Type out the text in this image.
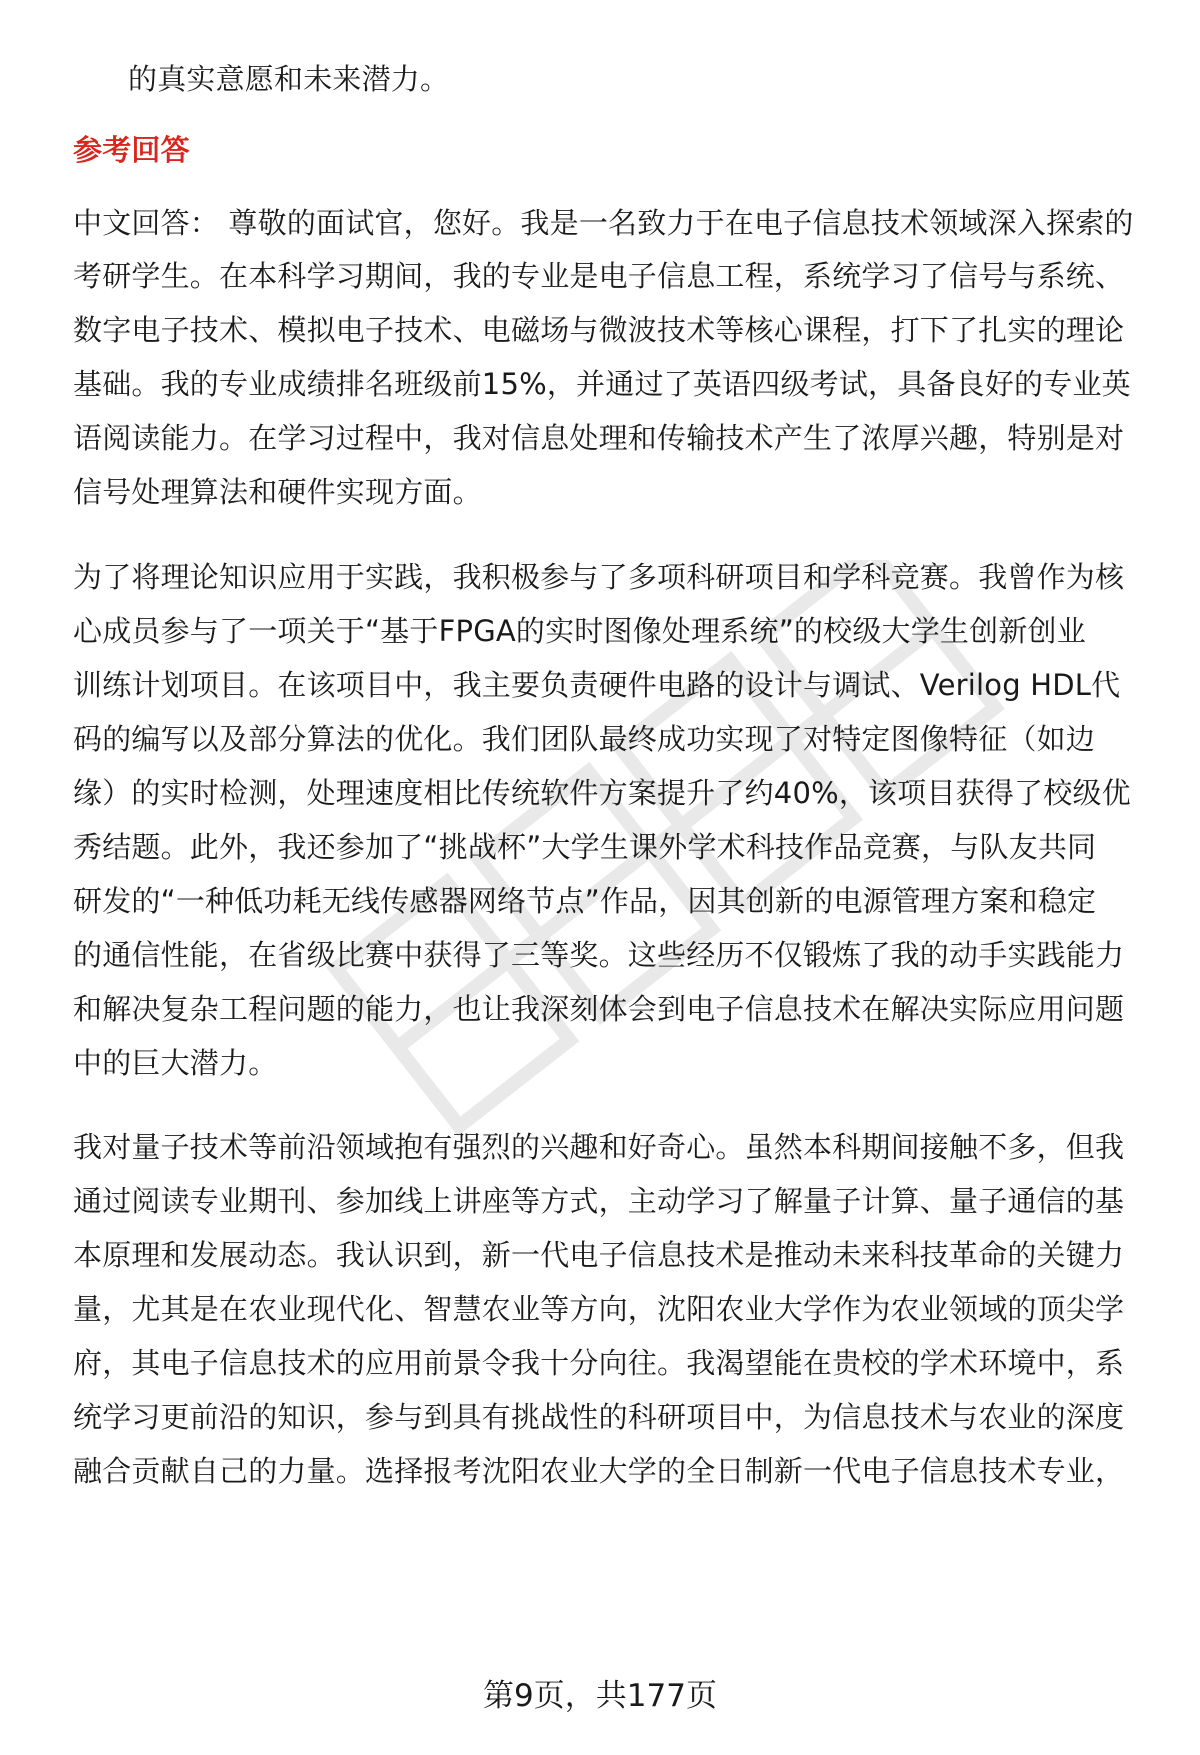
的真实意愿和未来潜力。
参考回答
中文回答： 尊敬的面试官，您好。我是一名致力于在电子信息技术领域深入探索的
考研学生。在本科学习期间，我的专业是电子信息工程，系统学习了信号与系统、
数字电子技术、模拟电子技术、电磁场与微波技术等核心课程，打下了扎实的理论
基础。我的专业成绩排名班级前15%，并通过了英语四级考试，具备良好的专业英
语阅读能力。在学习过程中，我对信息处理和传输技术产生了浓厚兴趣，特别是对
信号处理算法和硬件实现方面。
为了将理论知识应用于实践，我积极参与了多项科研项目和学科竞赛。我曾作为核
心成员参与了一项关于“基于FPGA的实时图像处理系统”的校级大学生创新创业
训练计划项目。在该项目中，我主要负责硬件电路的设计与调试、Verilog HDL代
码的编写以及部分算法的优化。我们团队最终成功实现了对特定图像特征（如边
缘）的实时检测，处理速度相比传统软件方案提升了约40%，该项目获得了校级优
秀结题。此外，我还参加了“挑战杯”大学生课外学术科技作品竞赛，与队友共同
研发的“一种低功耗无线传感器网络节点”作品，因其创新的电源管理方案和稳定
的通信性能，在省级比赛中获得了三等奖。这些经历不仅锻炼了我的动手实践能力
和解决复杂工程问题的能力，也让我深刻体会到电子信息技术在解决实际应用问题
中的巨大潜力。
我对量子技术等前沿领域抱有强烈的兴趣和好奇心。虽然本科期间接触不多，但我
通过阅读专业期刊、参加线上讲座等方式，主动学习了解量子计算、量子通信的基
本原理和发展动态。我认识到，新一代电子信息技术是推动未来科技革命的关键力
量，尤其是在农业现代化、智慧农业等方向，沈阳农业大学作为农业领域的顶尖学
府，其电子信息技术的应用前景令我十分向往。我渴望能在贵校的学术环境中，系
统学习更前沿的知识，参与到具有挑战性的科研项目中，为信息技术与农业的深度
融合贡献自己的力量。选择报考沈阳农业大学的全日制新一代电子信息技术专业，
第9页，共177页
